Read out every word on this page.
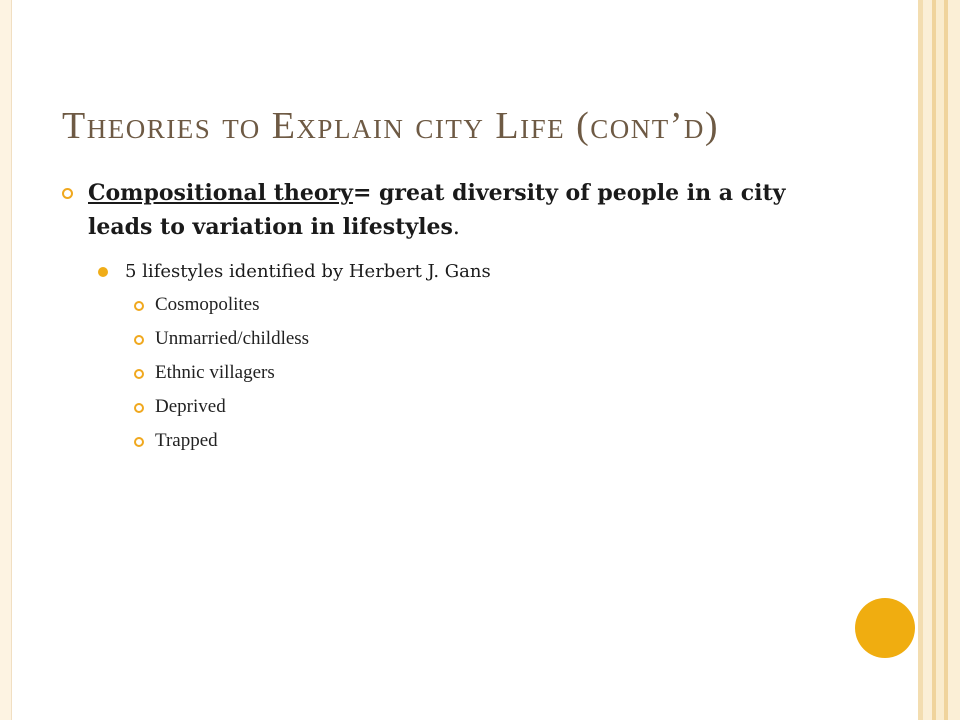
Theories to Explain city Life (cont’d)
Compositional theory= great diversity of people in a city leads to variation in lifestyles.
5 lifestyles identified by Herbert J. Gans
Cosmopolites
Unmarried/childless
Ethnic villagers
Deprived
Trapped
